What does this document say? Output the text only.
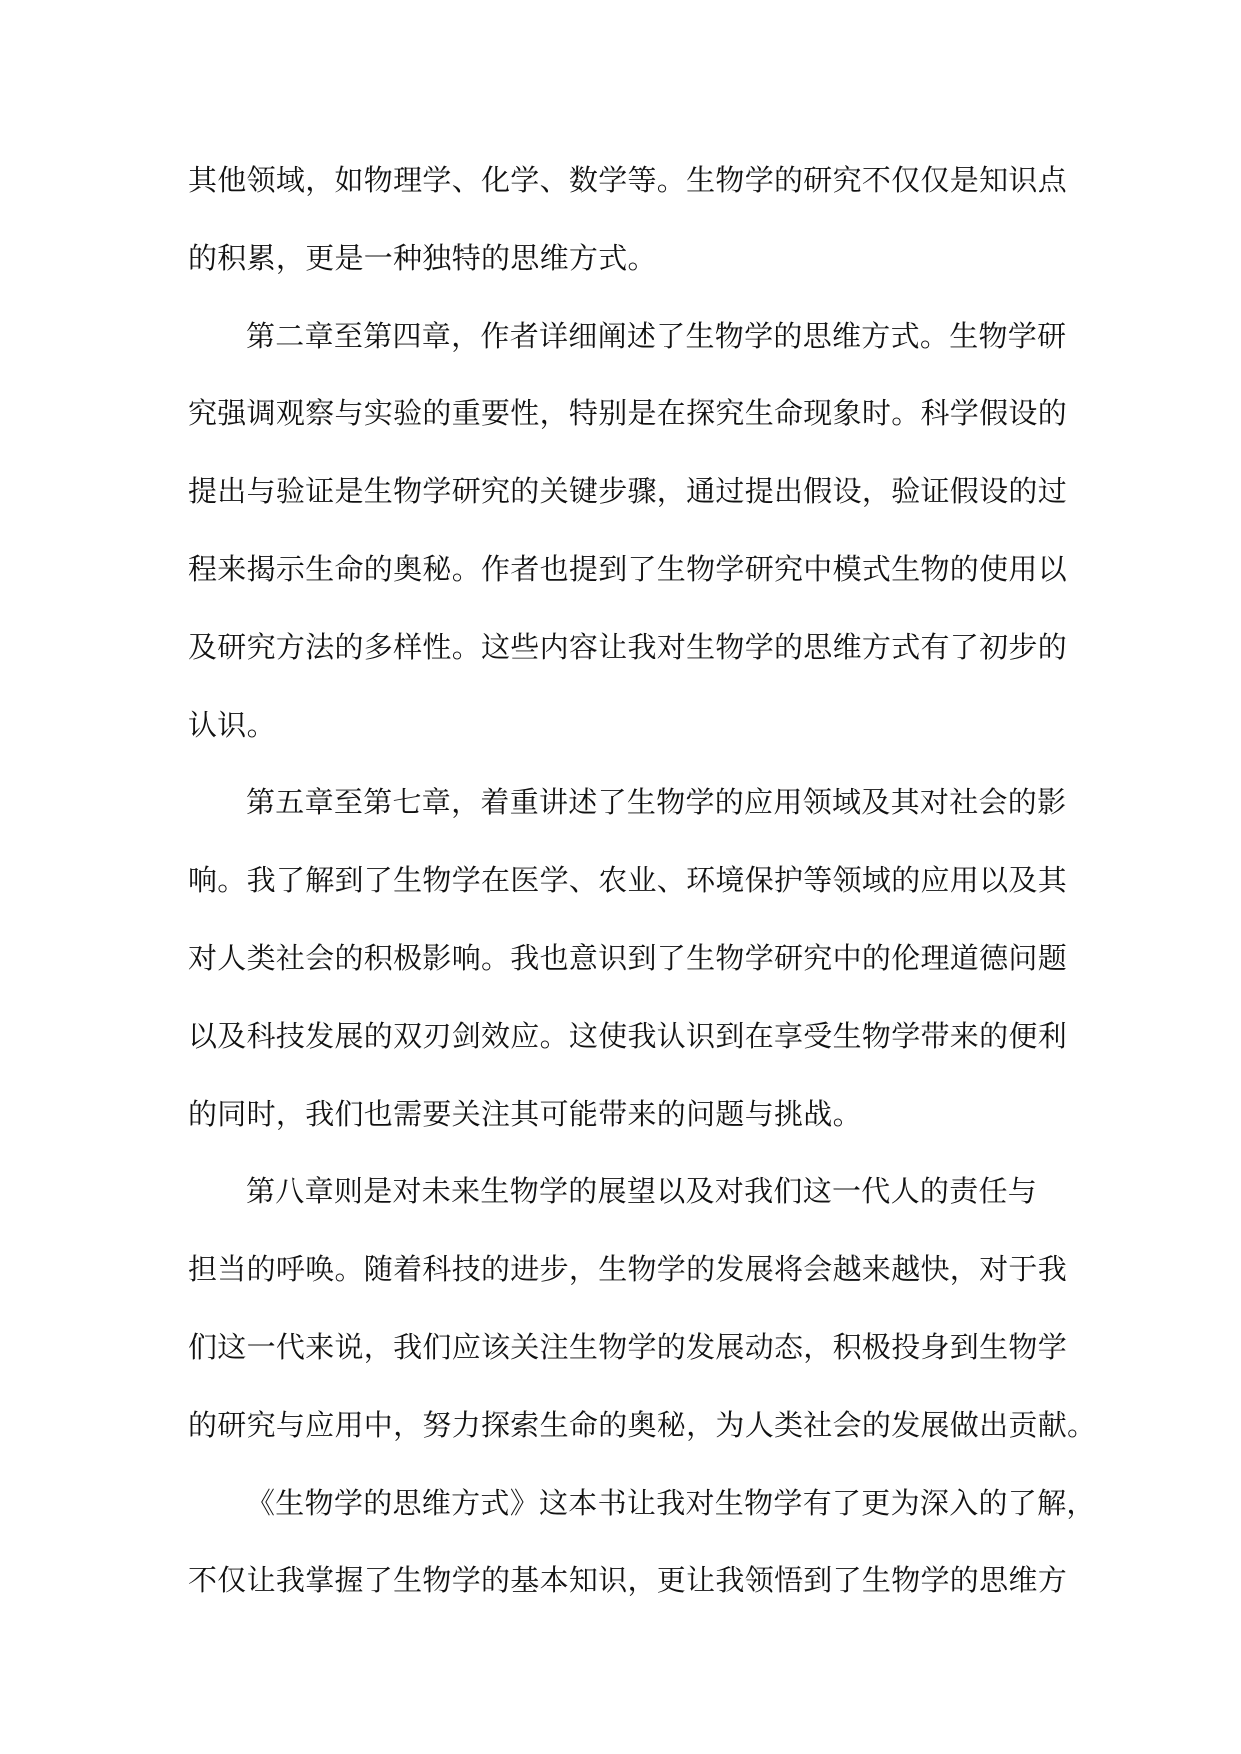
其他领域，如物理学、化学、数学等。生物学的研究不仅仅是知识点
的积累，更是一种独特的思维方式。
第二章至第四章，作者详细阐述了生物学的思维方式。生物学研
究强调观察与实验的重要性，特别是在探究生命现象时。科学假设的
提出与验证是生物学研究的关键步骤，通过提出假设，验证假设的过
程来揭示生命的奥秘。作者也提到了生物学研究中模式生物的使用以
及研究方法的多样性。这些内容让我对生物学的思维方式有了初步的
认识。
第五章至第七章，着重讲述了生物学的应用领域及其对社会的影
响。我了解到了生物学在医学、农业、环境保护等领域的应用以及其
对人类社会的积极影响。我也意识到了生物学研究中的伦理道德问题
以及科技发展的双刃剑效应。这使我认识到在享受生物学带来的便利
的同时，我们也需要关注其可能带来的问题与挑战。
第八章则是对未来生物学的展望以及对我们这一代人的责任与
担当的呼唤。随着科技的进步，生物学的发展将会越来越快，对于我
们这一代来说，我们应该关注生物学的发展动态，积极投身到生物学
的研究与应用中，努力探索生命的奥秘，为人类社会的发展做出贡献。
《生物学的思维方式》这本书让我对生物学有了更为深入的了解，
不仅让我掌握了生物学的基本知识，更让我领悟到了生物学的思维方
